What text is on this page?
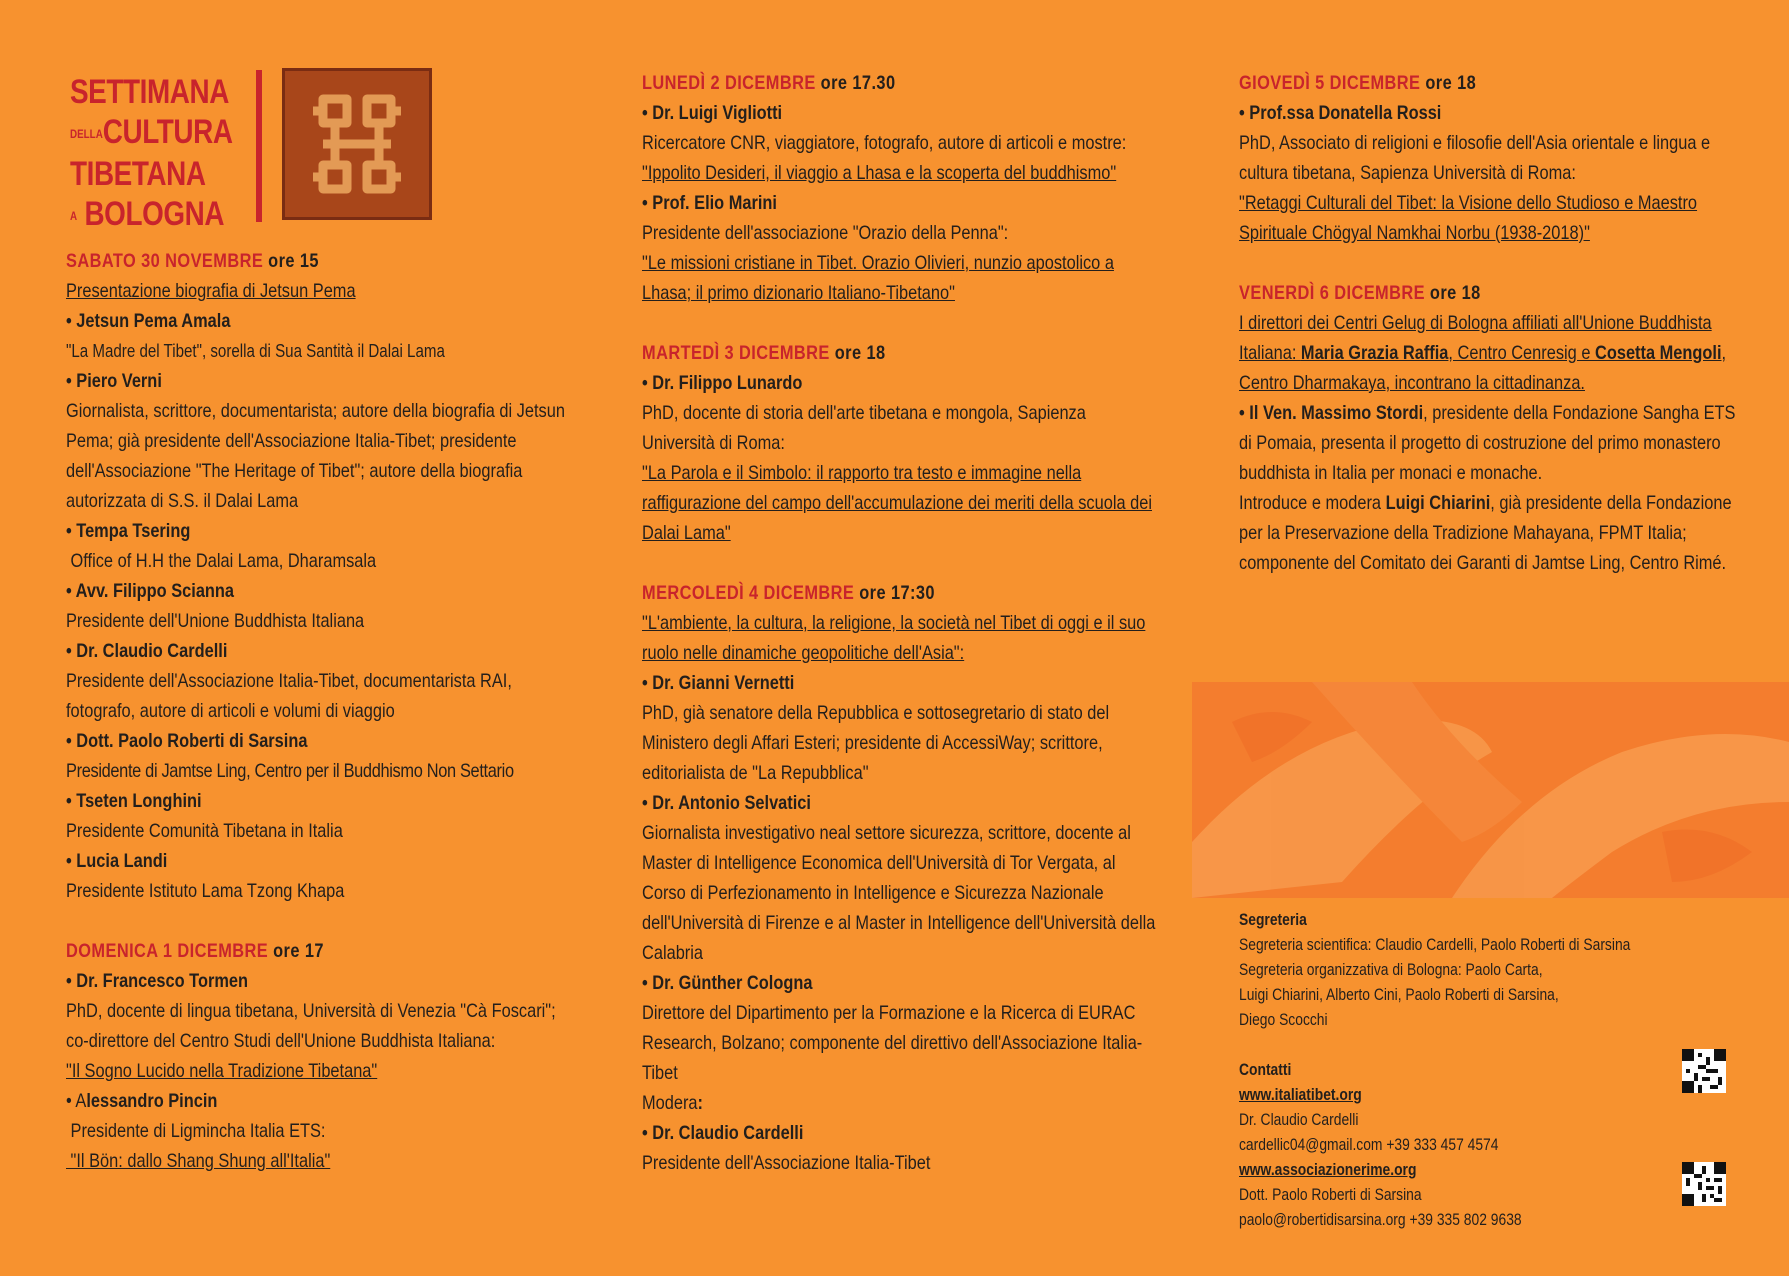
SETTIMANA
DELLACULTURA
TIBETANA
A BOLOGNA
SABATO 30 NOVEMBRE ore 15
Presentazione biografia di Jetsun Pema
• Jetsun Pema Amala
"La Madre del Tibet", sorella di Sua Santità il Dalai Lama
• Piero Verni
Giornalista, scrittore, documentarista; autore della biografia di Jetsun Pema; già presidente dell'Associazione Italia-Tibet; presidente dell'Associazione "The Heritage of Tibet"; autore della biografia autorizzata di S.S. il Dalai Lama
• Tempa Tsering
Office of H.H the Dalai Lama, Dharamsala
• Avv. Filippo Scianna
Presidente dell'Unione Buddhista Italiana
• Dr. Claudio Cardelli
Presidente dell'Associazione Italia-Tibet, documentarista RAI, fotografo, autore di articoli e volumi di viaggio
• Dott. Paolo Roberti di Sarsina
Presidente di Jamtse Ling, Centro per il Buddhismo Non Settario
• Tseten Longhini
Presidente Comunità Tibetana in Italia
• Lucia Landi
Presidente Istituto Lama Tzong Khapa
DOMENICA 1 DICEMBRE ore 17
• Dr. Francesco Tormen
PhD, docente di lingua tibetana, Università di Venezia "Cà Foscari"; co-direttore del Centro Studi dell'Unione Buddhista Italiana:
"Il Sogno Lucido nella Tradizione Tibetana"
• Alessandro Pincin
Presidente di Ligmincha Italia ETS:
"Il Bön: dallo Shang Shung all'Italia"
LUNEDÌ 2 DICEMBRE ore 17.30
• Dr. Luigi Vigliotti
Ricercatore CNR, viaggiatore, fotografo, autore di articoli e mostre: "Ippolito Desideri, il viaggio a Lhasa e la scoperta del buddhismo"
• Prof. Elio Marini
Presidente dell'associazione "Orazio della Penna":
"Le missioni cristiane in Tibet. Orazio Olivieri, nunzio apostolico a Lhasa; il primo dizionario Italiano-Tibetano"
MARTEDÌ 3 DICEMBRE ore 18
• Dr. Filippo Lunardo
PhD, docente di storia dell'arte tibetana e mongola, Sapienza Università di Roma:
"La Parola e il Simbolo: il rapporto tra testo e immagine nella raffigurazione del campo dell'accumulazione dei meriti della scuola dei Dalai Lama"
MERCOLEDÌ 4 DICEMBRE ore 17:30
"L'ambiente, la cultura, la religione, la società nel Tibet di oggi e il suo ruolo nelle dinamiche geopolitiche dell'Asia":
• Dr. Gianni Vernetti
PhD, già senatore della Repubblica e sottosegretario di stato del Ministero degli Affari Esteri; presidente di AccessiWay; scrittore, editorialista de "La Repubblica"
• Dr. Antonio Selvatici
Giornalista investigativo neal settore sicurezza, scrittore, docente al Master di Intelligence Economica dell'Università di Tor Vergata, al Corso di Perfezionamento in Intelligence e Sicurezza Nazionale dell'Università di Firenze e al Master in Intelligence dell'Università della Calabria
• Dr. Günther Cologna
Direttore del Dipartimento per la Formazione e la Ricerca di EURAC Research, Bolzano; componente del direttivo dell'Associazione Italia-Tibet
Modera:
• Dr. Claudio Cardelli
Presidente dell'Associazione Italia-Tibet
GIOVEDÌ 5 DICEMBRE ore 18
• Prof.ssa Donatella Rossi
PhD, Associato di religioni e filosofie dell'Asia orientale e lingua e cultura tibetana, Sapienza Università di Roma:
"Retaggi Culturali del Tibet: la Visione dello Studioso e Maestro Spirituale Chögyal Namkhai Norbu (1938-2018)"
VENERDÌ 6 DICEMBRE ore 18
I direttori dei Centri Gelug di Bologna affiliati all'Unione Buddhista Italiana: Maria Grazia Raffia, Centro Cenresig e Cosetta Mengoli, Centro Dharmakaya, incontrano la cittadinanza.
• Il Ven. Massimo Stordi, presidente della Fondazione Sangha ETS di Pomaia, presenta il progetto di costruzione del primo monastero buddhista in Italia per monaci e monache.
Introduce e modera Luigi Chiarini, già presidente della Fondazione per la Preservazione della Tradizione Mahayana, FPMT Italia; componente del Comitato dei Garanti di Jamtse Ling, Centro Rimé.
Segreteria
Segreteria scientifica: Claudio Cardelli, Paolo Roberti di Sarsina
Segreteria organizzativa di Bologna: Paolo Carta, Luigi Chiarini, Alberto Cini, Paolo Roberti di Sarsina, Diego Scocchi
Contatti
www.italiatibet.org
Dr. Claudio Cardelli
cardellic04@gmail.com +39 333 457 4574
www.associazionerime.org
Dott. Paolo Roberti di Sarsina
paolo@robertidisarsina.org +39 335 802 9638
